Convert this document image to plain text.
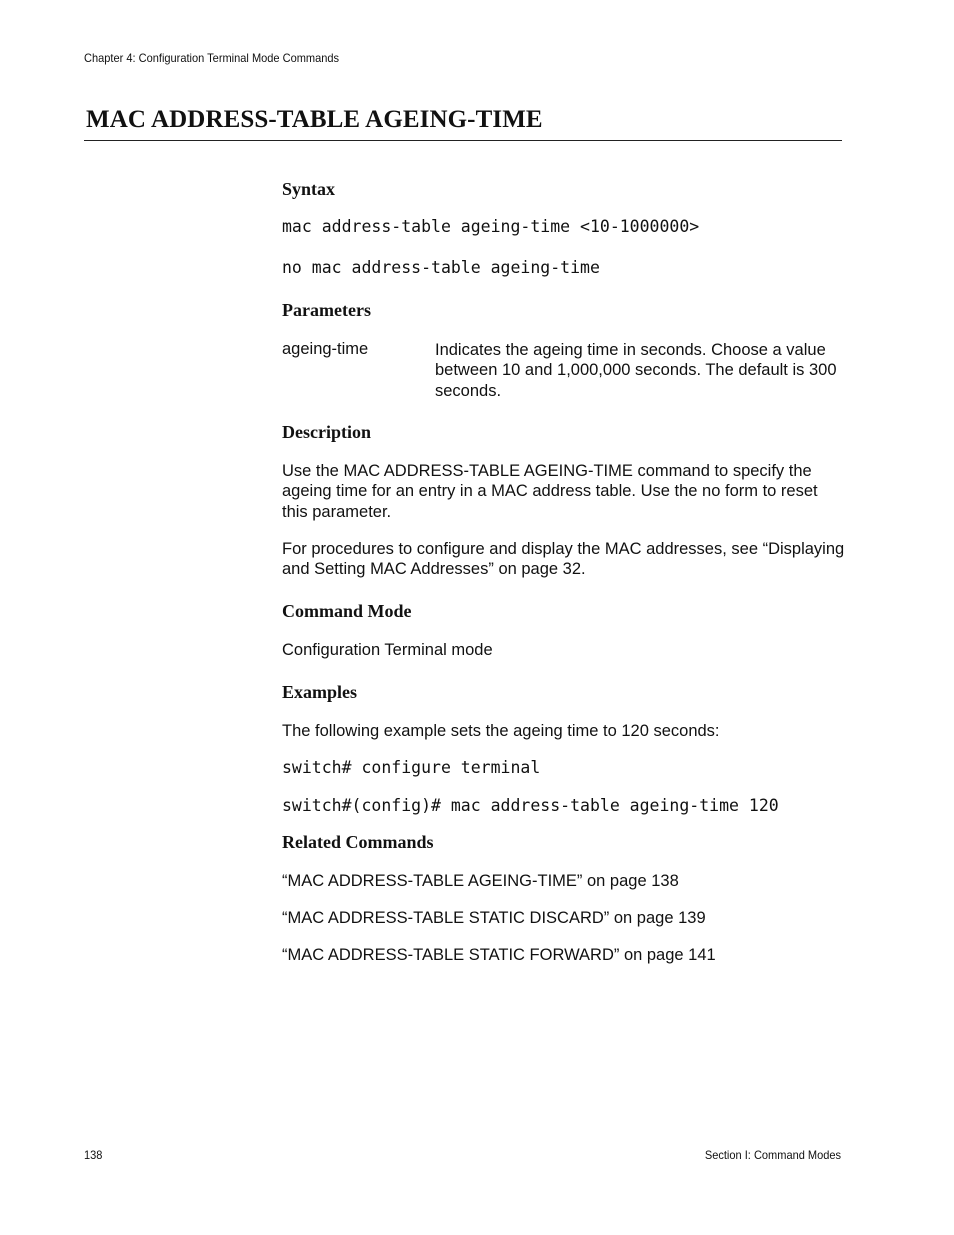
Chapter 4: Configuration Terminal Mode Commands
MAC ADDRESS-TABLE AGEING-TIME
Syntax
mac address-table ageing-time <10-1000000>
no mac address-table ageing-time
Parameters
ageing-time	Indicates the ageing time in seconds. Choose a value between 10 and 1,000,000 seconds. The default is 300 seconds.
Description
Use the MAC ADDRESS-TABLE AGEING-TIME command to specify the ageing time for an entry in a MAC address table. Use the no form to reset this parameter.
For procedures to configure and display the MAC addresses, see “Displaying and Setting MAC Addresses” on page 32.
Command Mode
Configuration Terminal mode
Examples
The following example sets the ageing time to 120 seconds:
switch# configure terminal
switch#(config)# mac address-table ageing-time 120
Related Commands
“MAC ADDRESS-TABLE AGEING-TIME” on page 138
“MAC ADDRESS-TABLE STATIC DISCARD” on page 139
“MAC ADDRESS-TABLE STATIC FORWARD” on page 141
138	Section I: Command Modes
